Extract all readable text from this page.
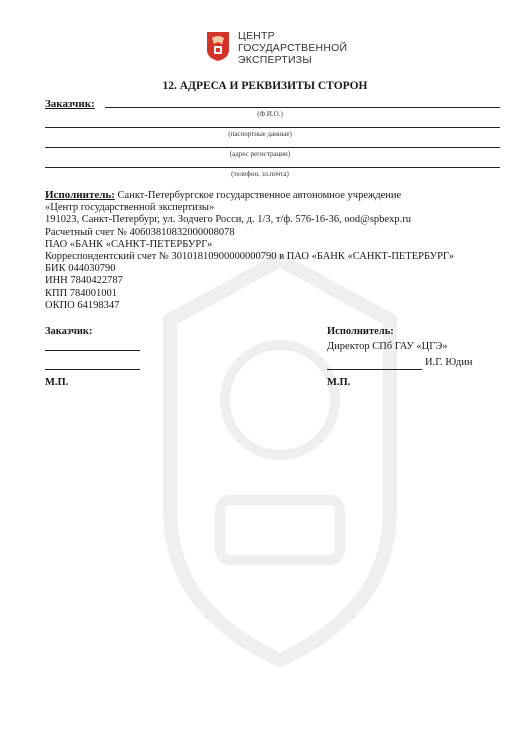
ЦЕНТР
ГОСУДАРСТВЕННОЙ
ЭКСПЕРТИЗЫ
12. АДРЕСА И РЕКВИЗИТЫ СТОРОН
Заказчик:
(Ф.И.О.)
(паспортные данные)
(адрес регистрации)
(телефон, эл.почта)
Исполнитель: Санкт-Петербургское государственное автономное учреждение
«Центр государственной экспертизы»
191023, Санкт-Петербург, ул. Зодчего Росси, д. 1/3, т/ф. 576-16-36, ood@spbexp.ru
Расчетный счет № 40603810832000008078
ПАО «БАНК «САНКТ-ПЕТЕРБУРГ»
Корреспондентский счет № 30101810900000000790 в ПАО «БАНК «САНКТ-ПЕТЕРБУРГ»
БИК 044030790
ИНН 7840422787
КПП 784001001
ОКПО 64198347
Заказчик:
М.П.
Исполнитель:
Директор СПб ГАУ «ЦГЭ»
И.Г. Юдин
М.П.
